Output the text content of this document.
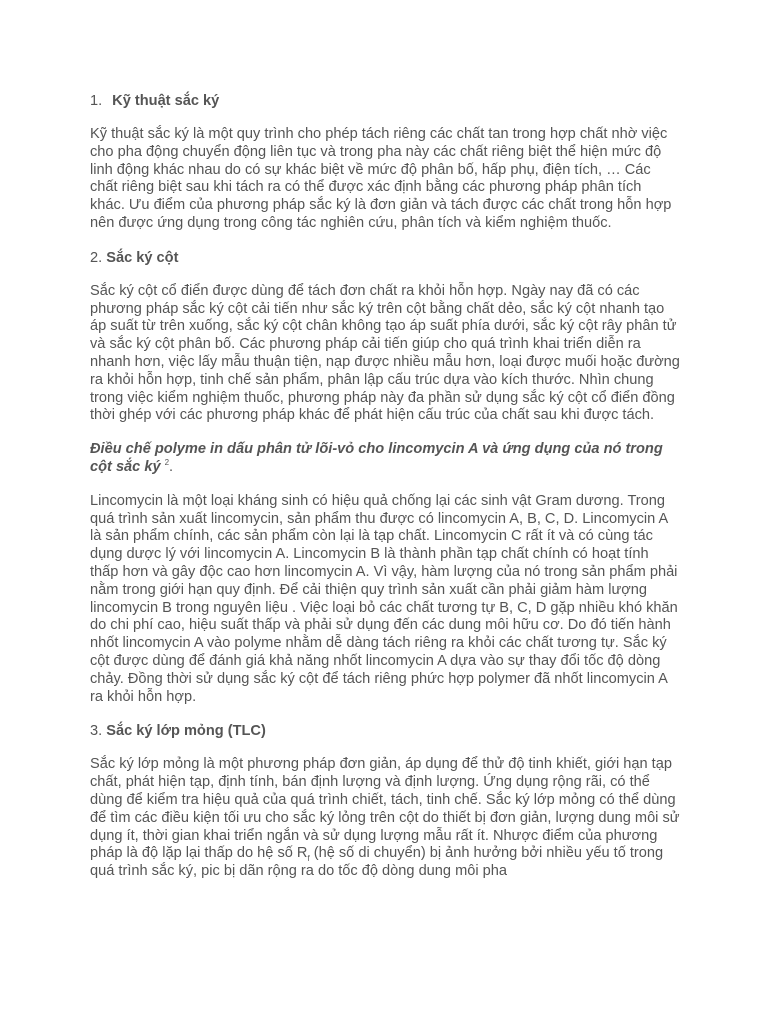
1. Kỹ thuật sắc ký

Kỹ thuật sắc ký là một quy trình cho phép tách riêng các chất tan trong hợp chất nhờ việc cho pha động chuyển động liên tục và trong pha này các chất riêng biệt thể hiện mức độ linh động khác nhau do có sự khác biệt về mức độ phân bố, hấp phụ, điện tích, … Các chất riêng biệt sau khi tách ra có thể được xác định bằng các phương pháp phân tích khác. Ưu điểm của phương pháp sắc ký là đơn giản và tách được các chất trong hỗn hợp nên được ứng dụng trong công tác nghiên cứu, phân tích và kiểm nghiệm thuốc.

2. Sắc ký cột

Sắc ký cột cổ điển được dùng để tách đơn chất ra khỏi hỗn hợp. Ngày nay đã có các phương pháp sắc ký cột cải tiến như sắc ký trên cột bằng chất dẻo, sắc ký cột nhanh tạo áp suất từ trên xuống, sắc ký cột chân không tạo áp suất phía dưới, sắc ký cột rây phân tử và sắc ký cột phân bố. Các phương pháp cải tiến giúp cho quá trình khai triển diễn ra nhanh hơn, việc lấy mẫu thuận tiện, nạp được nhiều mẫu hơn, loại được muối hoặc đường ra khỏi hỗn hợp, tinh chế sản phẩm, phân lập cấu trúc dựa vào kích thước. Nhìn chung trong việc kiểm nghiệm thuốc, phương pháp này đa phần sử dụng sắc ký cột cổ điển đồng thời ghép với các phương pháp khác để phát hiện cấu trúc của chất sau khi được tách.

Điều chế polyme in dấu phân tử lõi-vỏ cho lincomycin A và ứng dụng của nó trong cột sắc ký $^2$.

Lincomycin là một loại kháng sinh có hiệu quả chống lại các sinh vật Gram dương. Trong quá trình sản xuất lincomycin, sản phẩm thu được có lincomycin A, B, C, D. Lincomycin A là sản phẩm chính, các sản phẩm còn lại là tạp chất. Lincomycin C rất ít và có cùng tác dụng dược lý với lincomycin A. Lincomycin B là thành phần tạp chất chính có hoạt tính thấp hơn và gây độc cao hơn lincomycin A. Vì vậy, hàm lượng của nó trong sản phẩm phải nằm trong giới hạn quy định. Để cải thiện quy trình sản xuất cần phải giảm hàm lượng lincomycin B trong nguyên liệu . Việc loại bỏ các chất tương tự B, C, D gặp nhiều khó khăn do chi phí cao, hiệu suất thấp và phải sử dụng đến các dung môi hữu cơ. Do đó tiến hành nhốt lincomycin A vào polyme nhằm dễ dàng tách riêng ra khỏi các chất tương tự. Sắc ký cột được dùng để đánh giá khả năng nhốt lincomycin A dựa vào sự thay đổi tốc độ dòng chảy. Đồng thời sử dụng sắc ký cột để tách riêng phức hợp polymer đã nhốt lincomycin A ra khỏi hỗn hợp.

3. Sắc ký lớp mỏng (TLC)

Sắc ký lớp mỏng là một phương pháp đơn giản, áp dụng để thử độ tinh khiết, giới hạn tạp chất, phát hiện tạp, định tính, bán định lượng và định lượng. Ứng dụng rộng rãi, có thể dùng để kiểm tra hiệu quả của quá trình chiết, tách, tinh chế. Sắc ký lớp mỏng có thể dùng để tìm các điều kiện tối ưu cho sắc ký lỏng trên cột do thiết bị đơn giản, lượng dung môi sử dụng ít, thời gian khai triển ngắn và sử dụng lượng mẫu rất ít. Nhược điểm của phương pháp là độ lặp lại thấp do hệ số $R_f$ (hệ số di chuyển) bị ảnh hưởng bởi nhiều yếu tố trong quá trình sắc ký, pic bị dãn rộng ra do tốc độ dòng dung môi pha
